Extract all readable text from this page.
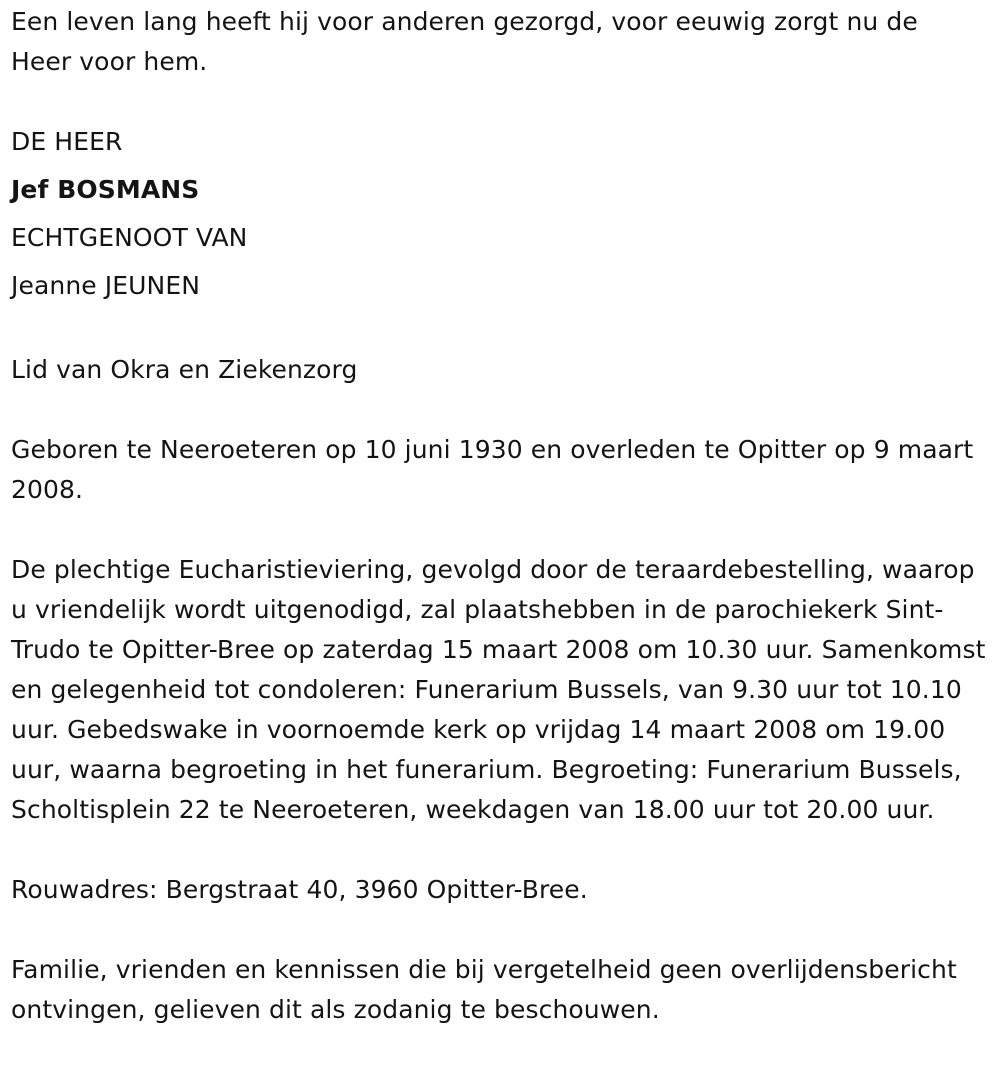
Een leven lang heeft hij voor anderen gezorgd, voor eeuwig zorgt nu de Heer voor hem.

DE HEER
Jef BOSMANS
ECHTGENOOT VAN
Jeanne JEUNEN

Lid van Okra en Ziekenzorg

Geboren te Neeroeteren op 10 juni 1930 en overleden te Opitter op 9 maart 2008.

De plechtige Eucharistieviering, gevolgd door de teraardebestelling, waarop u vriendelijk wordt uitgenodigd, zal plaatshebben in de parochiekerk Sint-Trudo te Opitter-Bree op zaterdag 15 maart 2008 om 10.30 uur. Samenkomst en gelegenheid tot condoleren: Funerarium Bussels, van 9.30 uur tot 10.10 uur. Gebedswake in voornoemde kerk op vrijdag 14 maart 2008 om 19.00 uur, waarna begroeting in het funerarium. Begroeting: Funerarium Bussels, Scholtisplein 22 te Neeroeteren, weekdagen van 18.00 uur tot 20.00 uur.

Rouwadres: Bergstraat 40, 3960 Opitter-Bree.

Familie, vrienden en kennissen die bij vergetelheid geen overlijdensbericht ontvingen, gelieven dit als zodanig te beschouwen.
